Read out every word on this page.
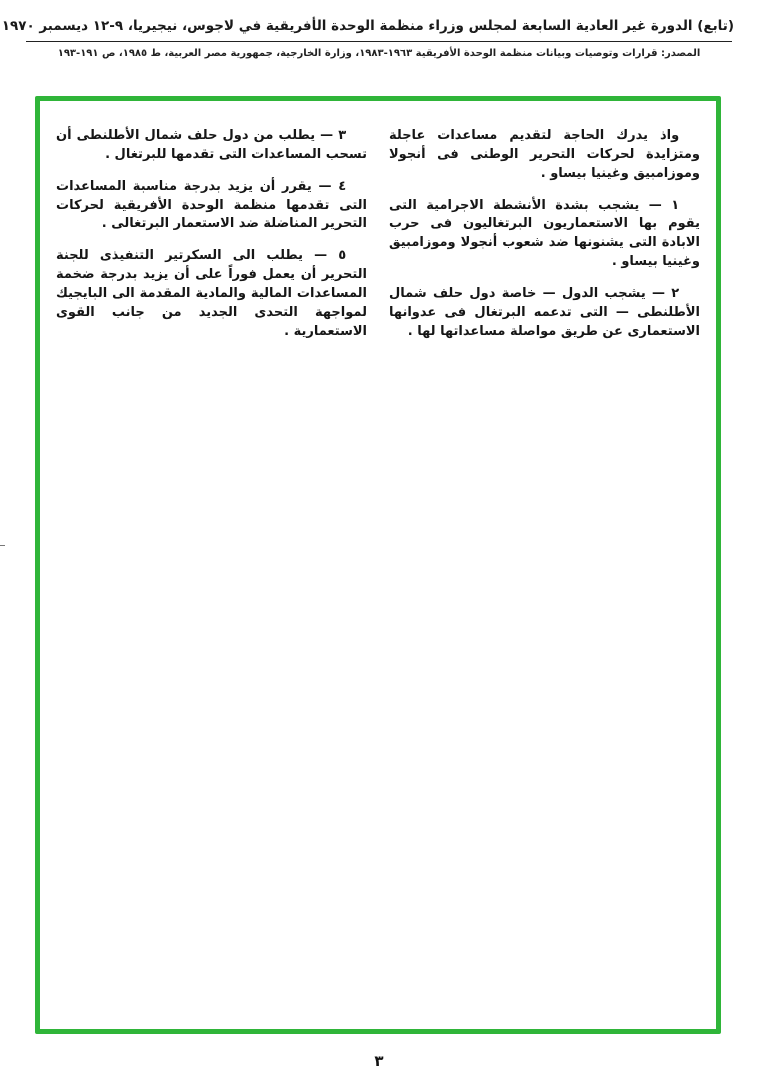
(تابع) الدورة غير العادية السابعة لمجلس وزراء منظمة الوحدة الأفريقية في لاجوس، نيجيريا، ٩-١٢ ديسمبر ١٩٧٠
المصدر: قرارات وتوصيات وبيانات منظمة الوحدة الأفريقية ١٩٦٣-١٩٨٣، وزارة الخارجية، جمهورية مصر العربية، ط ١٩٨٥، ص ١٩١-١٩٣

واذ يدرك الحاجة لتقديم مساعدات عاجلة ومتزايدة لحركات التحرير الوطنى فى أنجولا وموزامبيق وغينيا بيساو .

١ — يشجب بشدة الأنشطة الاجرامية التى يقوم بها الاستعماريون البرتغاليون فى حرب الابادة التى يشنونها ضد شعوب أنجولا وموزامبيق وغينيا بيساو .

٢ — يشجب الدول — خاصة دول حلف شمال الأطلنطى — التى تدعمه البرتغال فى عدوانها الاستعمارى عن طريق مواصلة مساعداتها لها .

٣ — يطلب من دول حلف شمال الأطلنطى أن تسحب المساعدات التى تقدمها للبرتغال .

٤ — يقرر أن يزيد بدرجة مناسبة المساعدات التى تقدمها منظمة الوحدة الأفريقية لحركات التحرير المناضلة ضد الاستعمار البرتغالى .

٥ — يطلب الى السكرتير التنفيذى للجنة التحرير أن يعمل فوراً على أن يزيد بدرجة ضخمة المساعدات المالية والمادية المقدمة الى البايجيك لمواجهة التحدى الجديد من جانب القوى الاستعمارية .

٣
